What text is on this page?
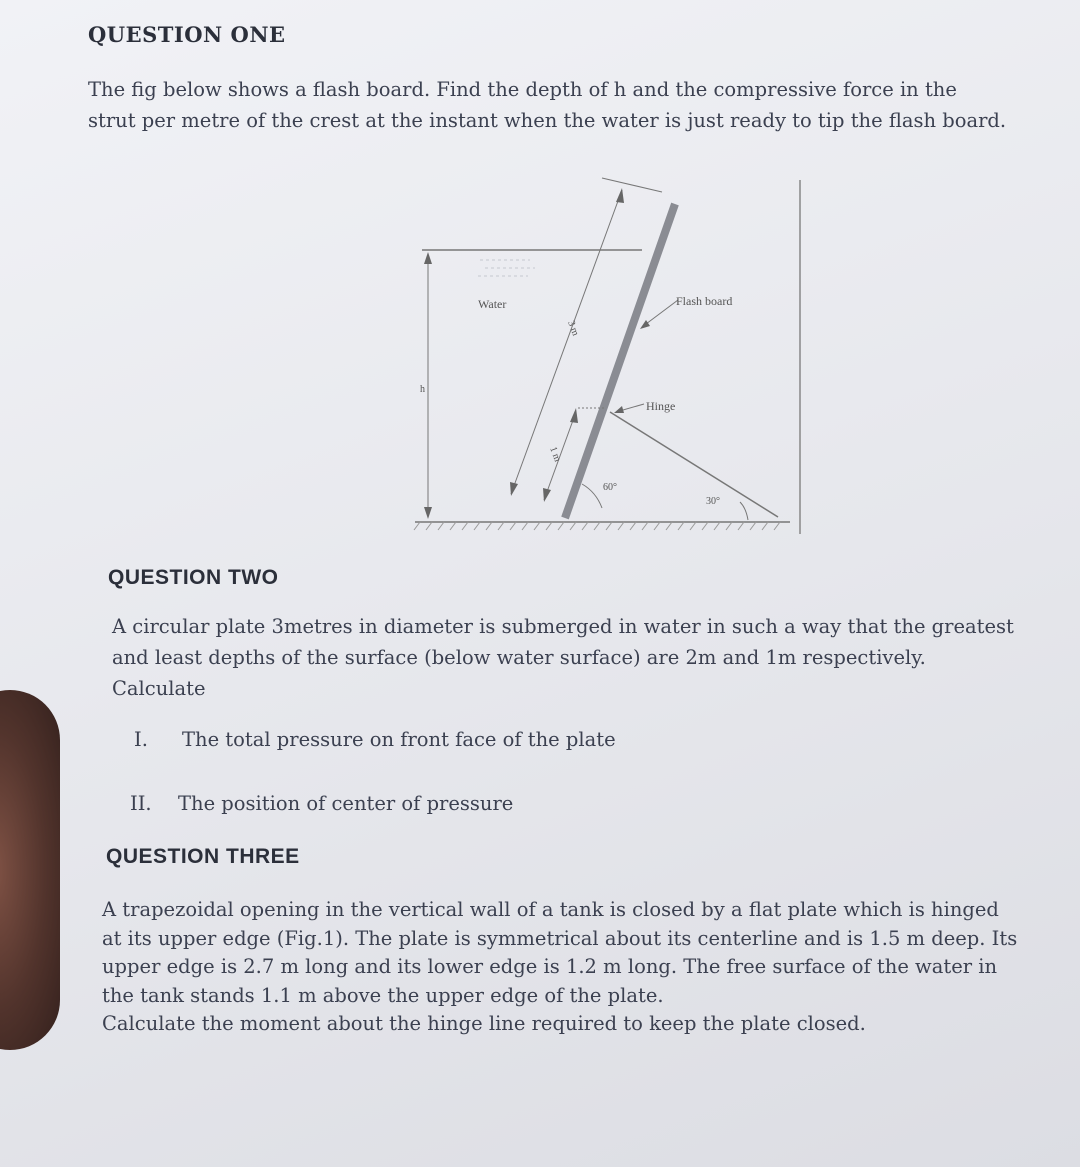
QUESTION ONE
The fig below shows a flash board. Find the depth of h and the compressive force in the
strut per metre of the crest at the instant when the water is just ready to tip the flash board.
Water	Flash board
Hinge
h
3 m
1 m
60°
30°
QUESTION TWO
A circular plate 3metres in diameter is submerged in water in such a way that the greatest
and least depths of the surface (below water surface) are 2m and 1m respectively.
Calculate
I. The total pressure on front face of the plate
II. The position of center of pressure
QUESTION THREE
A trapezoidal opening in the vertical wall of a tank is closed by a flat plate which is hinged
at its upper edge (Fig.1). The plate is symmetrical about its centerline and is 1.5 m deep. Its
upper edge is 2.7 m long and its lower edge is 1.2 m long. The free surface of the water in
the tank stands 1.1 m above the upper edge of the plate.
Calculate the moment about the hinge line required to keep the plate closed.
